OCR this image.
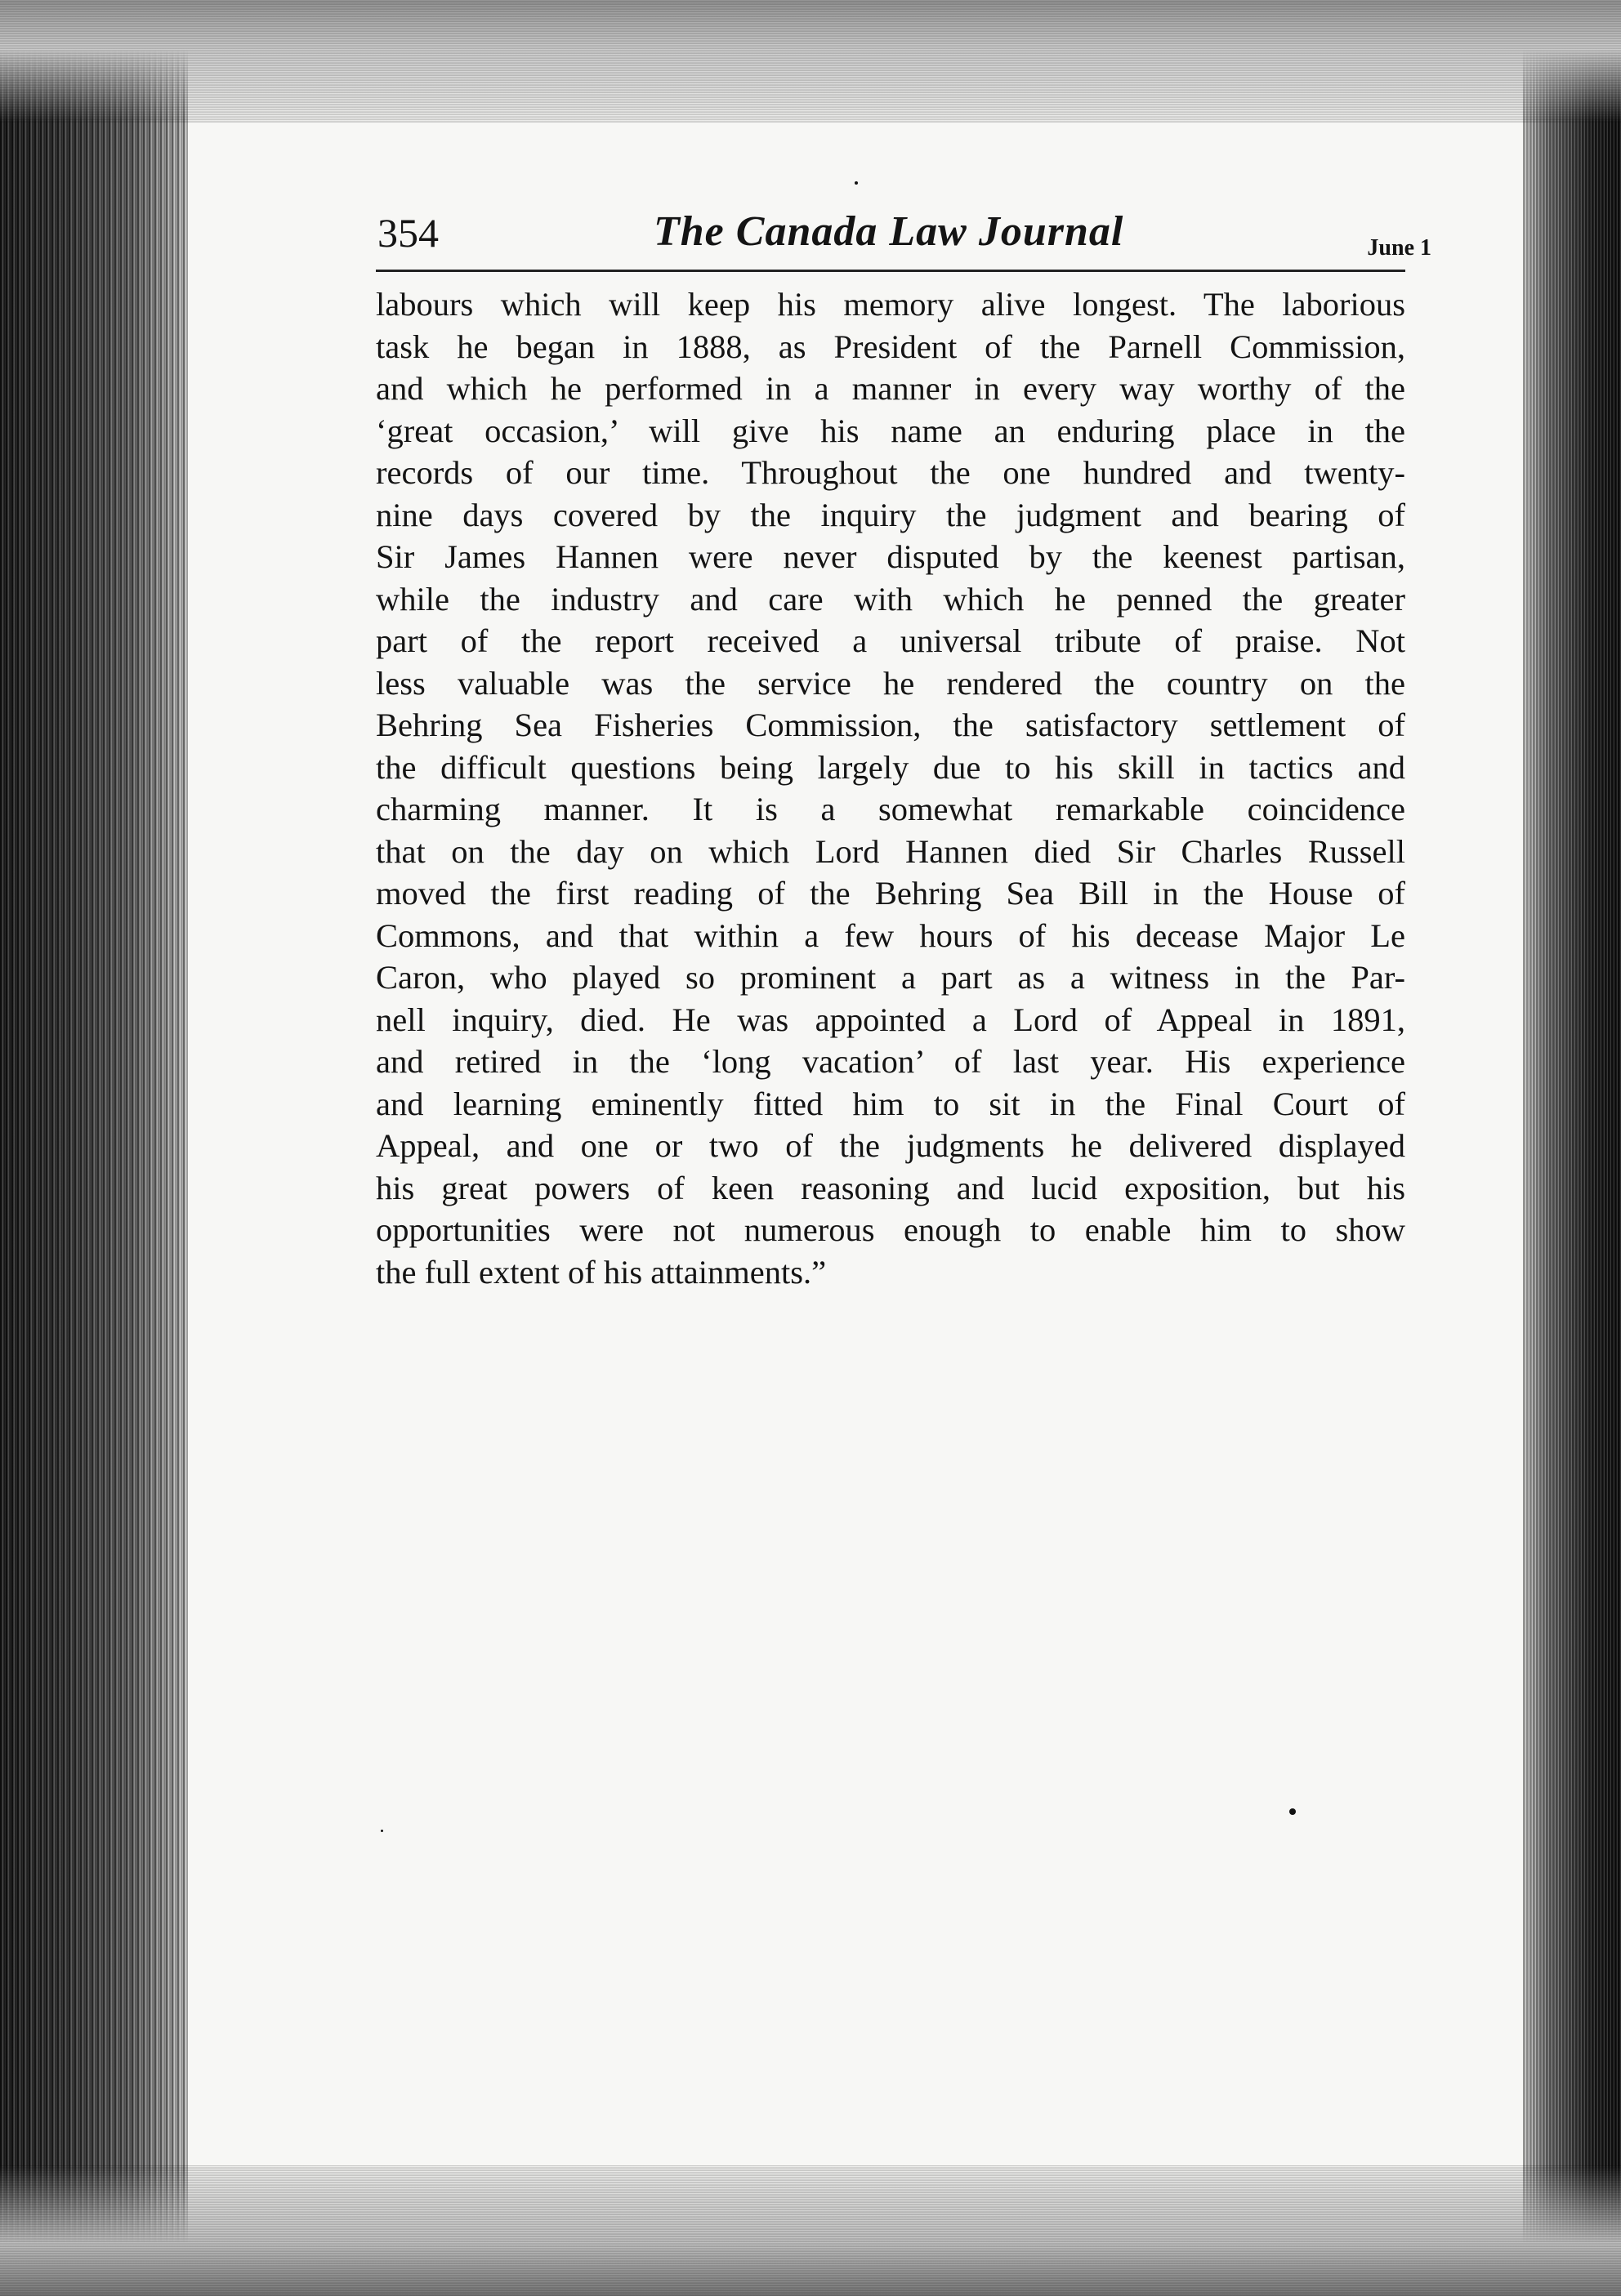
354	The Canada Law Journal	June 1
labours which will keep his memory alive longest. The laborious
task he began in 1888, as President of the Parnell Commission,
and which he performed in a manner in every way worthy of the
‘great occasion,’ will give his name an enduring place in the
records of our time. Throughout the one hundred and twenty-
nine days covered by the inquiry the judgment and bearing of
Sir James Hannen were never disputed by the keenest partisan,
while the industry and care with which he penned the greater
part of the report received a universal tribute of praise. Not
less valuable was the service he rendered the country on the
Behring Sea Fisheries Commission, the satisfactory settlement of
the difficult questions being largely due to his skill in tactics and
charming manner. It is a somewhat remarkable coincidence
that on the day on which Lord Hannen died Sir Charles Russell
moved the first reading of the Behring Sea Bill in the House of
Commons, and that within a few hours of his decease Major Le
Caron, who played so prominent a part as a witness in the Par-
nell inquiry, died. He was appointed a Lord of Appeal in 1891,
and retired in the ‘long vacation’ of last year. His experience
and learning eminently fitted him to sit in the Final Court of
Appeal, and one or two of the judgments he delivered displayed
his great powers of keen reasoning and lucid exposition, but his
opportunities were not numerous enough to enable him to show
the full extent of his attainments.”
